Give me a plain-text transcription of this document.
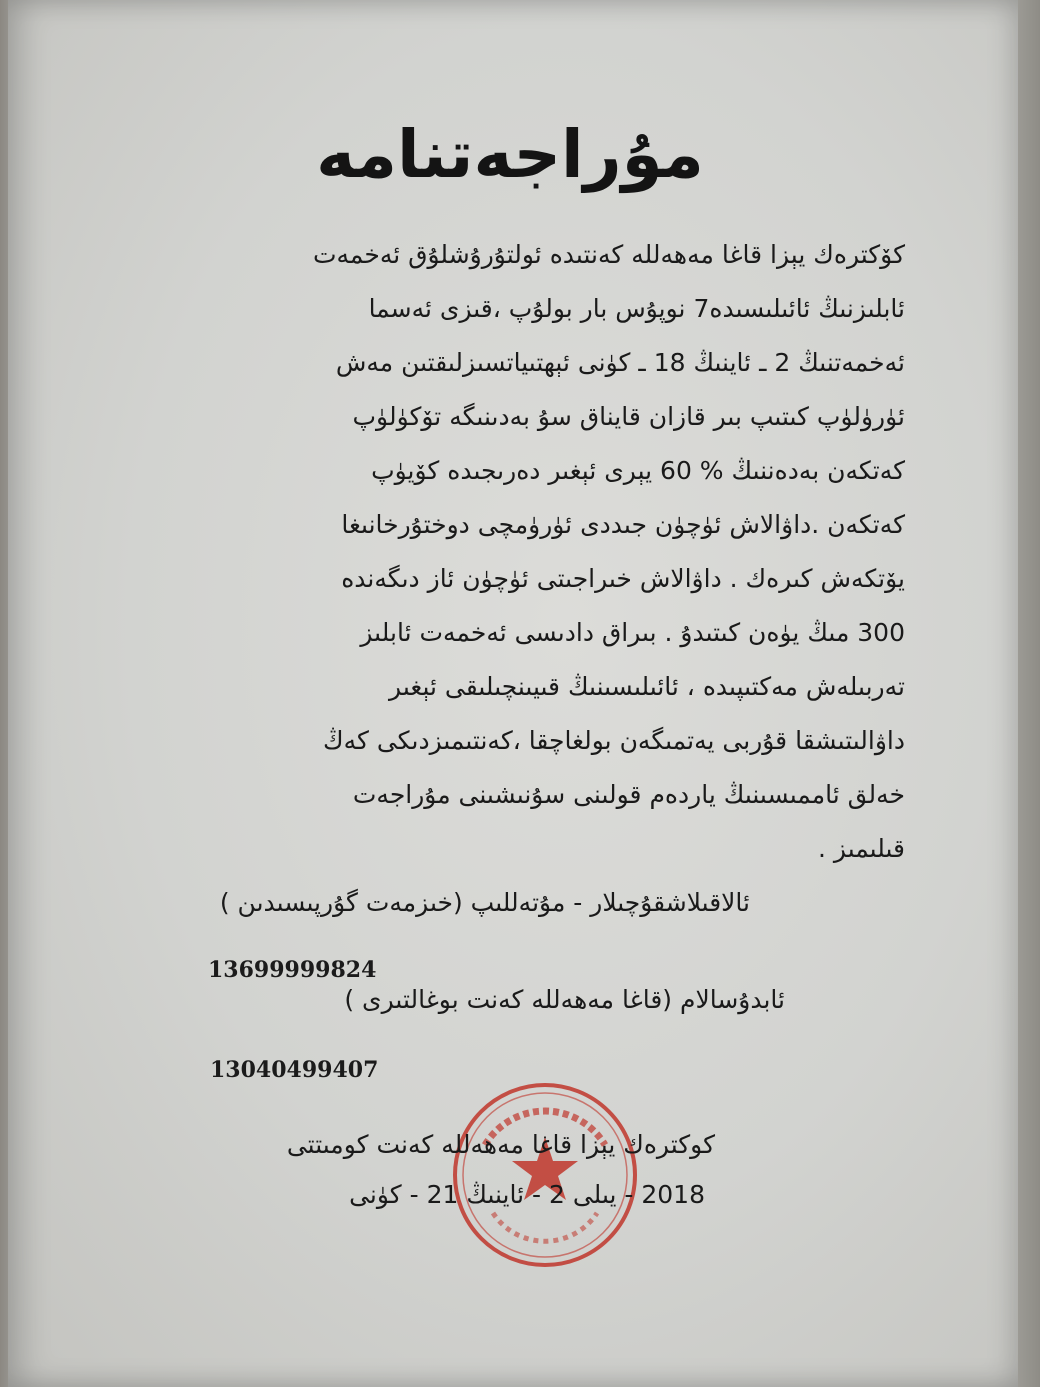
مۇراجەتنامە
كۆكترەك يېزا قاغا مەھەللە كەنتىدە ئولتۇرۇشلۇق ئەخمەت
ئابلىزنىڭ ئائىلىسىدە7 نوپۇس بار بولۇپ ،قىزى ئەسما
ئەخمەتنىڭ 2 ـ ئاينىڭ 18 ـ كۈنى ئېھتىياتسىزلىقتىن مەش
ئۈرۈلۈپ كىتىپ بىر قازان قايناق سۇ بەدىنىگە تۆكۈلۈپ
كەتكەن بەدەننىڭ % 60 يېرى ئېغىر دەرىجىدە كۆيۈپ
كەتكەن .داۋالاش ئۈچۈن جىددى ئۈرۈمچى دوختۇرخانىغا
يۆتكەش كىرەك . داۋالاش خىراجىتى ئۈچۈن ئاز دىگەندە
300 مىڭ يۈەن كىتىدۇ . بىراق دادىسى ئەخمەت ئابلىز
تەربىلەش مەكتىپىدە ، ئائىلىسىنىڭ قىيىنچىلىقى ئېغىر
داۋالىتىشقا قۇربى يەتمىگەن بولغاچقا ،كەنتىمىزدىكى كەڭ
خەلق ئاممىسىنىڭ ياردەم قولىنى سۇنىشىنى مۇراجەت
قىلىمىز .
ئالاقىلاشقۇچىلار - مۇتەللىپ (خىزمەت گۇرپىسىدىن )
13699999824
ئابدۇسالام (قاغا مەھەللە كەنت بوغالتىرى )
13040499407
كوكترەك يېزا قاغا مەھەللە كەنت كومىتتى
2018 - يىلى 2 - ئاينىڭ 21 - كۈنى
